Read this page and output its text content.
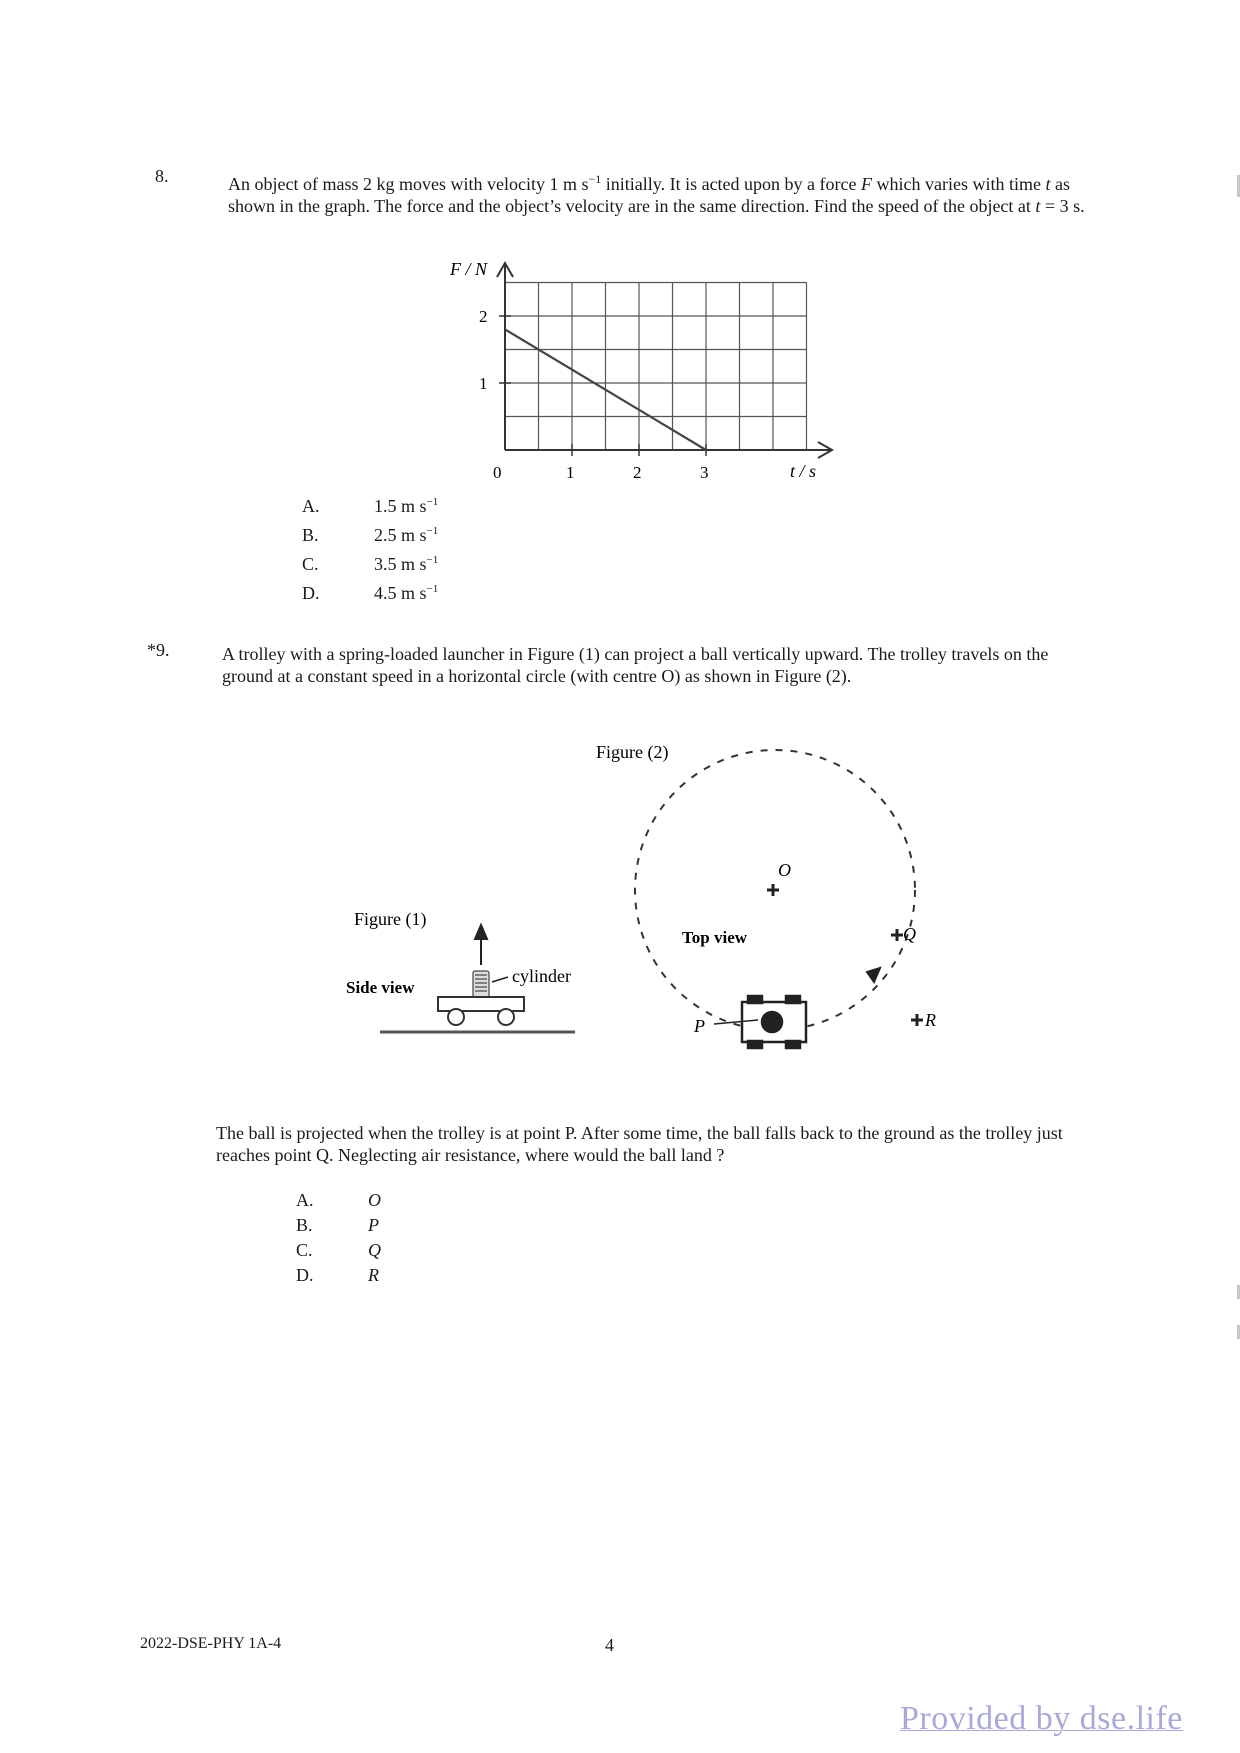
8.	An object of mass 2 kg moves with velocity 1 m $s^{-1}$ initially. It is acted upon by a force F which varies with time t as shown in the graph. The force and the object’s velocity are in the same direction. Find the speed of the object at t = 3 s.
F / N
t / s
0	1	2	3
1
2
A.	1.5 m $s^{-1}$
B.	2.5 m $s^{-1}$
C.	3.5 m $s^{-1}$
D.	4.5 m $s^{-1}$
*9.	A trolley with a spring-loaded launcher in Figure (1) can project a ball vertically upward. The trolley travels on the ground at a constant speed in a horizontal circle (with centre O) as shown in Figure (2).
Figure (1)
Side view
cylinder
Figure (2)
O
Top view	Q
R
P
The ball is projected when the trolley is at point P. After some time, the ball falls back to the ground as the trolley just reaches point Q. Neglecting air resistance, where would the ball land ?
A.	O
B.	P
C.	Q
D.	R
2022-DSE-PHY 1A-4	4
Provided by dse.life
